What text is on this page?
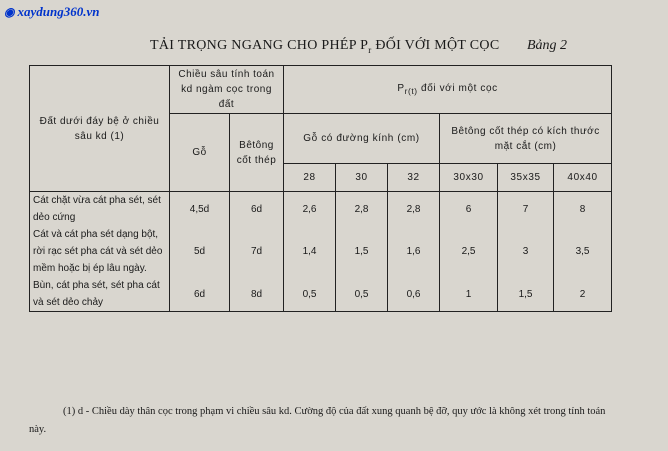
◉ xaydung360.vn
TẢI TRỌNG NGANG CHO PHÉP $P_r$ ĐỐI VỚI MỘT CỌC Bảng 2
Đất dưới đáy bệ ở chiều sâu kd (1)	Chiều sâu tính toán kd ngàm cọc trong đất		$P_{r(t)}$ đối với một cọc					
	Gỗ	Bêtông cốt thép	Gỗ có đường kính (cm)			Bêtông cốt thép có kích thước mặt cắt (cm)		
			28	30	32	30x30	35x35	40x40
Cát chặt vừa cát pha sét, sét dẻo cứng	4,5d	6d	2,6	2,8	2,8	6	7	8
Cát và cát pha sét dạng bột, rời rạc sét pha cát và sét dẻo mềm hoặc bị ép lâu ngày.	5d	7d	1,4	1,5	1,6	2,5	3	3,5
Bùn, cát pha sét, sét pha cát và sét dẻo chảy	6d	8d	0,5	0,5	0,6	1	1,5	2
(1) d - Chiều dày thân cọc trong phạm vi chiều sâu kd. Cường độ của đất xung quanh bệ đỡ, quy ước là không xét trong tính toán này.
